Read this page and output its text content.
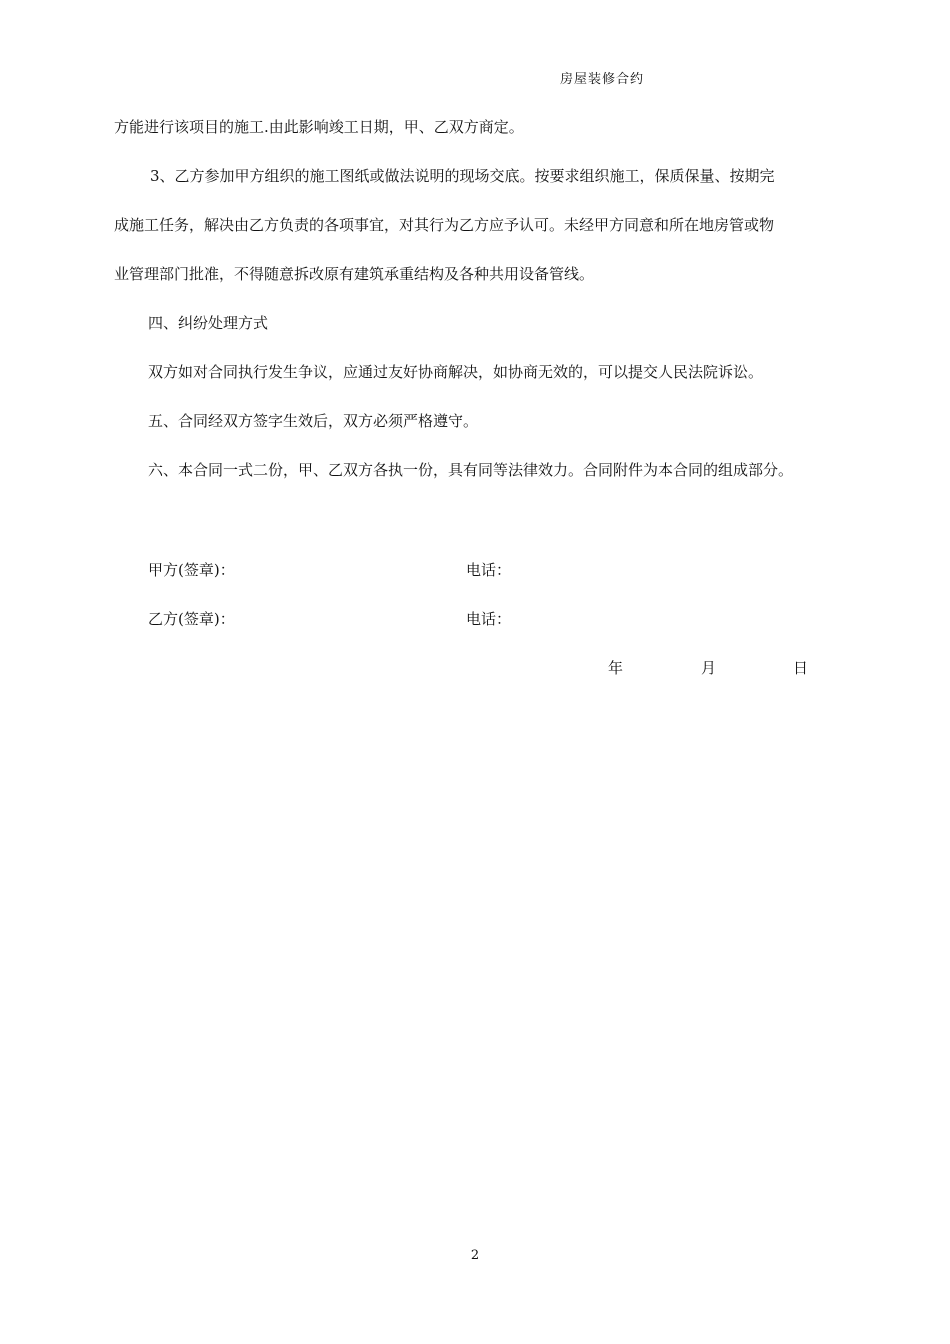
房屋装修合约
方能进行该项目的施工.由此影响竣工日期，甲、乙双方商定。
3、乙方参加甲方组织的施工图纸或做法说明的现场交底。按要求组织施工，保质保量、按期完
成施工任务，解决由乙方负责的各项事宜，对其行为乙方应予认可。未经甲方同意和所在地房管或物
业管理部门批准，不得随意拆改原有建筑承重结构及各种共用设备管线。
四、纠纷处理方式
双方如对合同执行发生争议，应通过友好协商解决，如协商无效的，可以提交人民法院诉讼。
五、合同经双方签字生效后，双方必须严格遵守。
六、本合同一式二份，甲、乙双方各执一份，具有同等法律效力。合同附件为本合同的组成部分。
甲方(签章)：	电话：
乙方(签章)：	电话：
年	月	日
2
